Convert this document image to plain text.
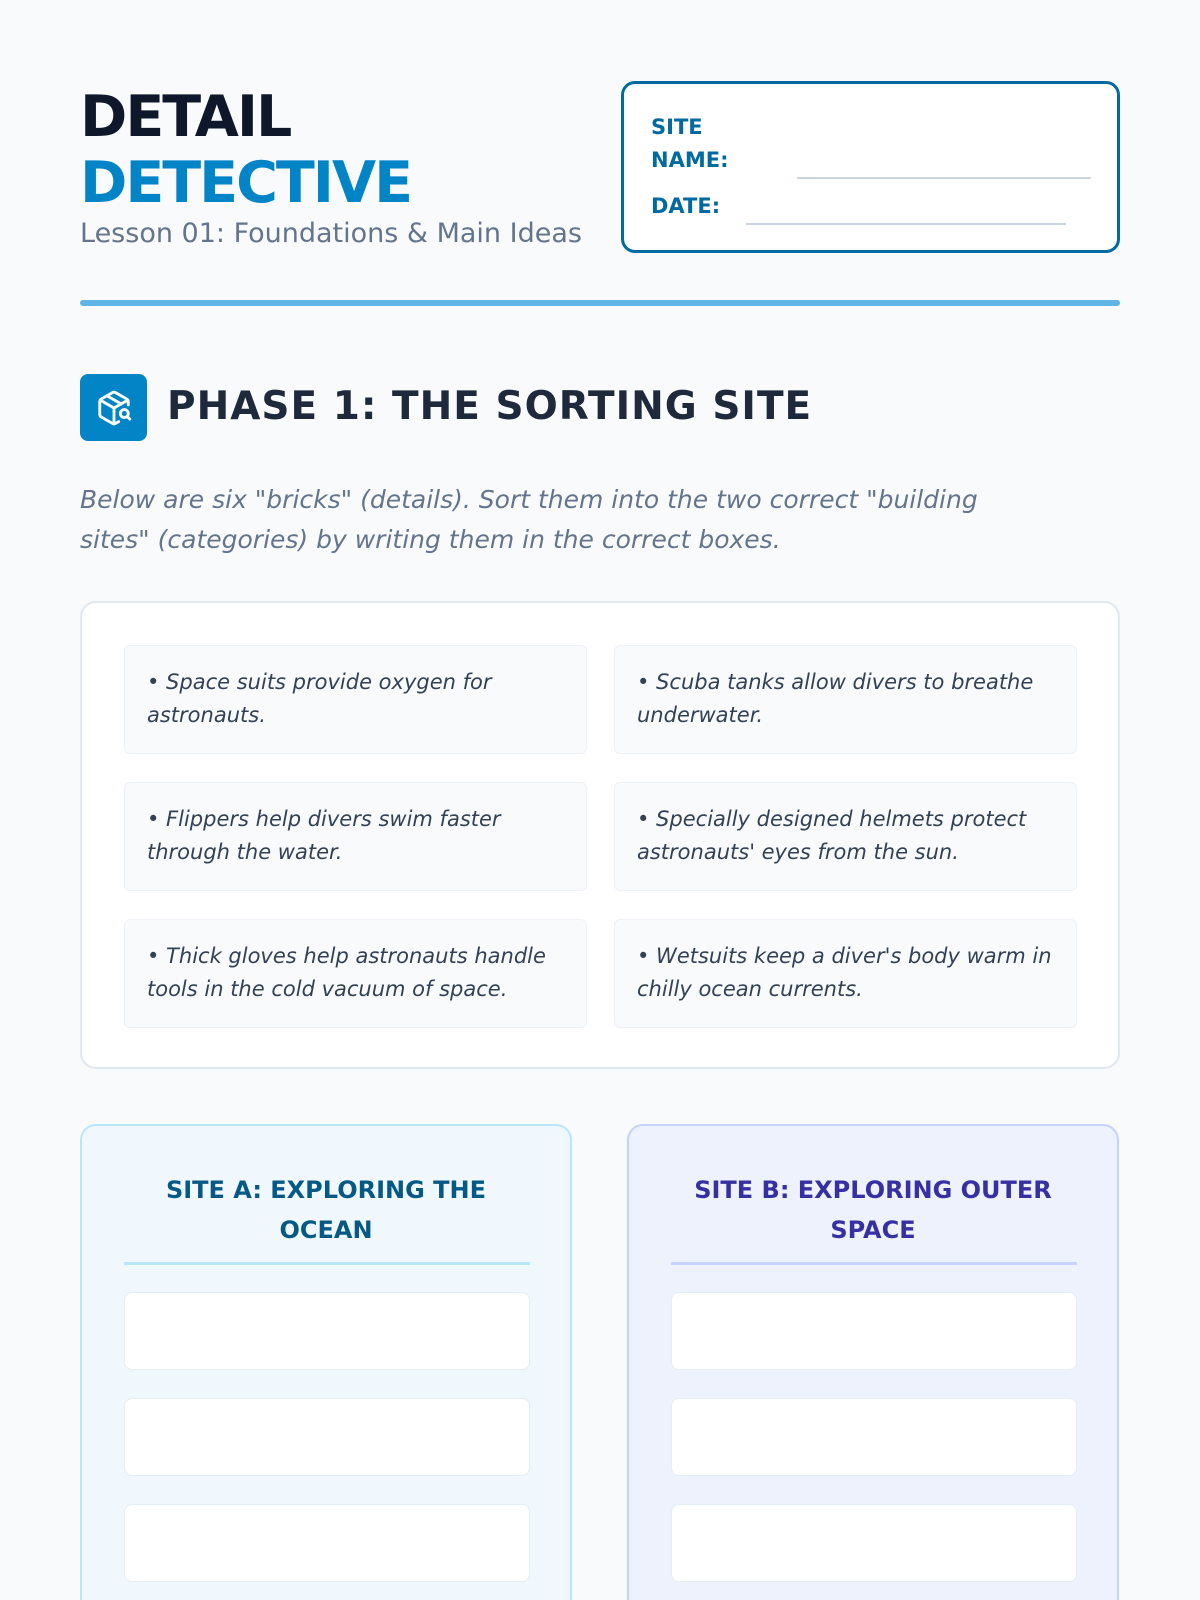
DETAIL
DETECTIVE
Lesson 01: Foundations & Main Ideas
SITE
NAME:
DATE:
PHASE 1: THE SORTING SITE
Below are six "bricks" (details). Sort them into the two correct "building sites" (categories) by writing them in the correct boxes.
• Space suits provide oxygen for astronauts.
• Scuba tanks allow divers to breathe underwater.
• Flippers help divers swim faster through the water.
• Specially designed helmets protect astronauts' eyes from the sun.
• Thick gloves help astronauts handle tools in the cold vacuum of space.
• Wetsuits keep a diver's body warm in chilly ocean currents.
SITE A: EXPLORING THE OCEAN
SITE B: EXPLORING OUTER SPACE
